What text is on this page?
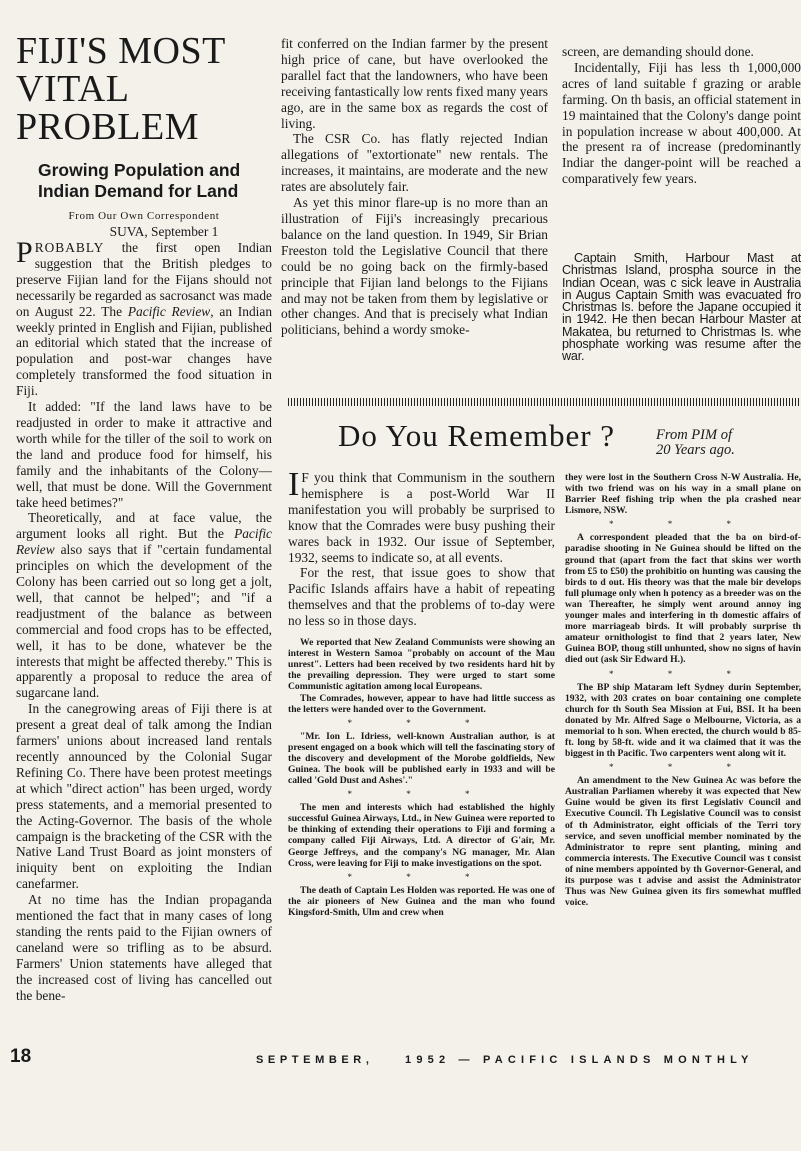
FIJI'S MOST
VITAL
PROBLEM
Growing Population and
Indian Demand for Land
From Our Own Correspondent
SUVA, September 1

PROBABLY the first open Indian suggestion that the British pledges to preserve Fijian land for the Fijans should not necessarily be regarded as sacrosanct was made on August 22. The Pacific Review, an Indian weekly printed in English and Fijian, published an editorial which stated that the increase of population and post-war changes have completely transformed the food situation in Fiji.

It added: "If the land laws have to be readjusted in order to make it attractive and worth while for the tiller of the soil to work on the land and produce food for himself, his family and the inhabitants of the Colony—well, that must be done. Will the Government take heed betimes?"

Theoretically, and at face value, the argument looks all right. But the Pacific Review also says that if "certain fundamental principles on which the development of the Colony has been carried out so long get a jolt, well, that cannot be helped"; and "if a readjustment of the balance as between commercial and food crops has to be effected, well, it has to be done, whatever be the interests that might be affected thereby." This is apparently a proposal to reduce the area of sugarcane land.

In the canegrowing areas of Fiji there is at present a great deal of talk among the Indian farmers' unions about increased land rentals recently announced by the Colonial Sugar Refining Co. There have been protest meetings at which "direct action" has been urged, wordy press statements, and a memorial presented to the Acting-Governor. The basis of the whole campaign is the bracketing of the CSR with the Native Land Trust Board as joint monsters of iniquity bent on exploiting the Indian canefarmer.

At no time has the Indian propaganda mentioned the fact that in many cases of long standing the rents paid to the Fijian owners of caneland were so trifling as to be absurd. Farmers' Union statements have alleged that the increased cost of living has cancelled out the bene-

fit conferred on the Indian farmer by the present high price of cane, but have overlooked the parallel fact that the landowners, who have been receiving fantastically low rents fixed many years ago, are in the same box as regards the cost of living.

The CSR Co. has flatly rejected Indian allegations of "extortionate" new rentals. The increases, it maintains, are moderate and the new rates are absolutely fair.

As yet this minor flare-up is no more than an illustration of Fiji's increasingly precarious balance on the land question. In 1949, Sir Brian Freeston told the Legislative Council that there could be no going back on the firmly-based principle that Fijian land belongs to the Fijians and may not be taken from them by legislative or other changes. And that is precisely what Indian politicians, behind a wordy smoke-

screen, are demanding should done.

Incidentally, Fiji has less th 1,000,000 acres of land suitable f grazing or arable farming. On th basis, an official statement in 19 maintained that the Colony's dange point in population increase w about 400,000. At the present ra of increase (predominantly Indiar the danger-point will be reached a comparatively few years.

Captain Smith, Harbour Mast at Christmas Island, prospha source in the Indian Ocean, was c sick leave in Australia in Augus Captain Smith was evacuated fro Christmas Is. before the Japane occupied it in 1942. He then becan Harbour Master at Makatea, bu returned to Christmas Is. whe phosphate working was resume after the war.

Do You Remember ?	From PIM of
20 Years ago.

I F you think that Communism in the southern hemisphere is a post-World War II manifestation you will probably be surprised to know that the Comrades were busy pushing their wares back in 1932. Our issue of September, 1932, seems to indicate so, at all events.

For the rest, that issue goes to show that Pacific Islands affairs have a habit of repeating themselves and that the problems of to-day were no less so in those days.

We reported that New Zealand Communists were showing an interest in Western Samoa "probably on account of the Mau unrest". Letters had been received by two residents hard hit by the prevailing depression. They were urged to start some Communistic agitation among local Europeans.

The Comrades, however, appear to have had little success as the letters were handed over to the Government.

* * *

"Mr. Ion L. Idriess, well-known Australian author, is at present engaged on a book which will tell the fascinating story of the discovery and development of the Morobe goldfields, New Guinea. The book will be published early in 1933 and will be called 'Gold Dust and Ashes'."

* * *

The men and interests which had established the highly successful Guinea Airways, Ltd., in New Guinea were reported to be thinking of extending their operations to Fiji and forming a company called Fiji Airways, Ltd. A director of G'air, Mr. George Jeffreys, and the company's NG manager, Mr. Alan Cross, were leaving for Fiji to make investigations on the spot.

* * *

The death of Captain Les Holden was reported. He was one of the air pioneers of New Guinea and the man who found Kingsford-Smith, Ulm and crew when

they were lost in the Southern Cross N-W Australia. He, with two friend was on his way in a small plane on Barrier Reef fishing trip when the pla crashed near Lismore, NSW.

* * *

A correspondent pleaded that the ba on bird-of-paradise shooting in Ne Guinea should be lifted on the ground that (apart from the fact that skins wer worth from £5 to £50) the prohibitio on hunting was causing the birds to d out. His theory was that the male bir develops full plumage only when h potency as a breeder was on the wan Thereafter, he simply went around annoy ing younger males and interfering in th domestic affairs of more marriageab birds. It will probably surprise th amateur ornithologist to find that 2 years later, New Guinea BOP, thoug still unhunted, show no signs of havin died out (ask Sir Edward H.).

* * *

The BP ship Mataram left Sydney durin September, 1932, with 203 crates on boar containing one complete church for th South Sea Mission at Fui, BSI. It ha been donated by Mr. Alfred Sage o Melbourne, Victoria, as a memorial to h son. When erected, the church would b 85-ft. long by 58-ft. wide and it wa claimed that it was the biggest in th Pacific. Two carpenters went along wit it.

* * *

An amendment to the New Guinea Ac was before the Australian Parliamen whereby it was expected that New Guine would be given its first Legislativ Council and Executive Council. Th Legislative Council was to consist of th Administrator, eight officials of the Terri tory service, and seven unofficial member nominated by the Administrator to repre sent planting, mining and commercia interests. The Executive Council was t consist of nine members appointed by th Governor-General, and its purpose was t advise and assist the Administrator Thus was New Guinea given its firs somewhat muffled voice.

18	SEPTEMBER,	1952 — PACIFIC ISLANDS MONTHLY
